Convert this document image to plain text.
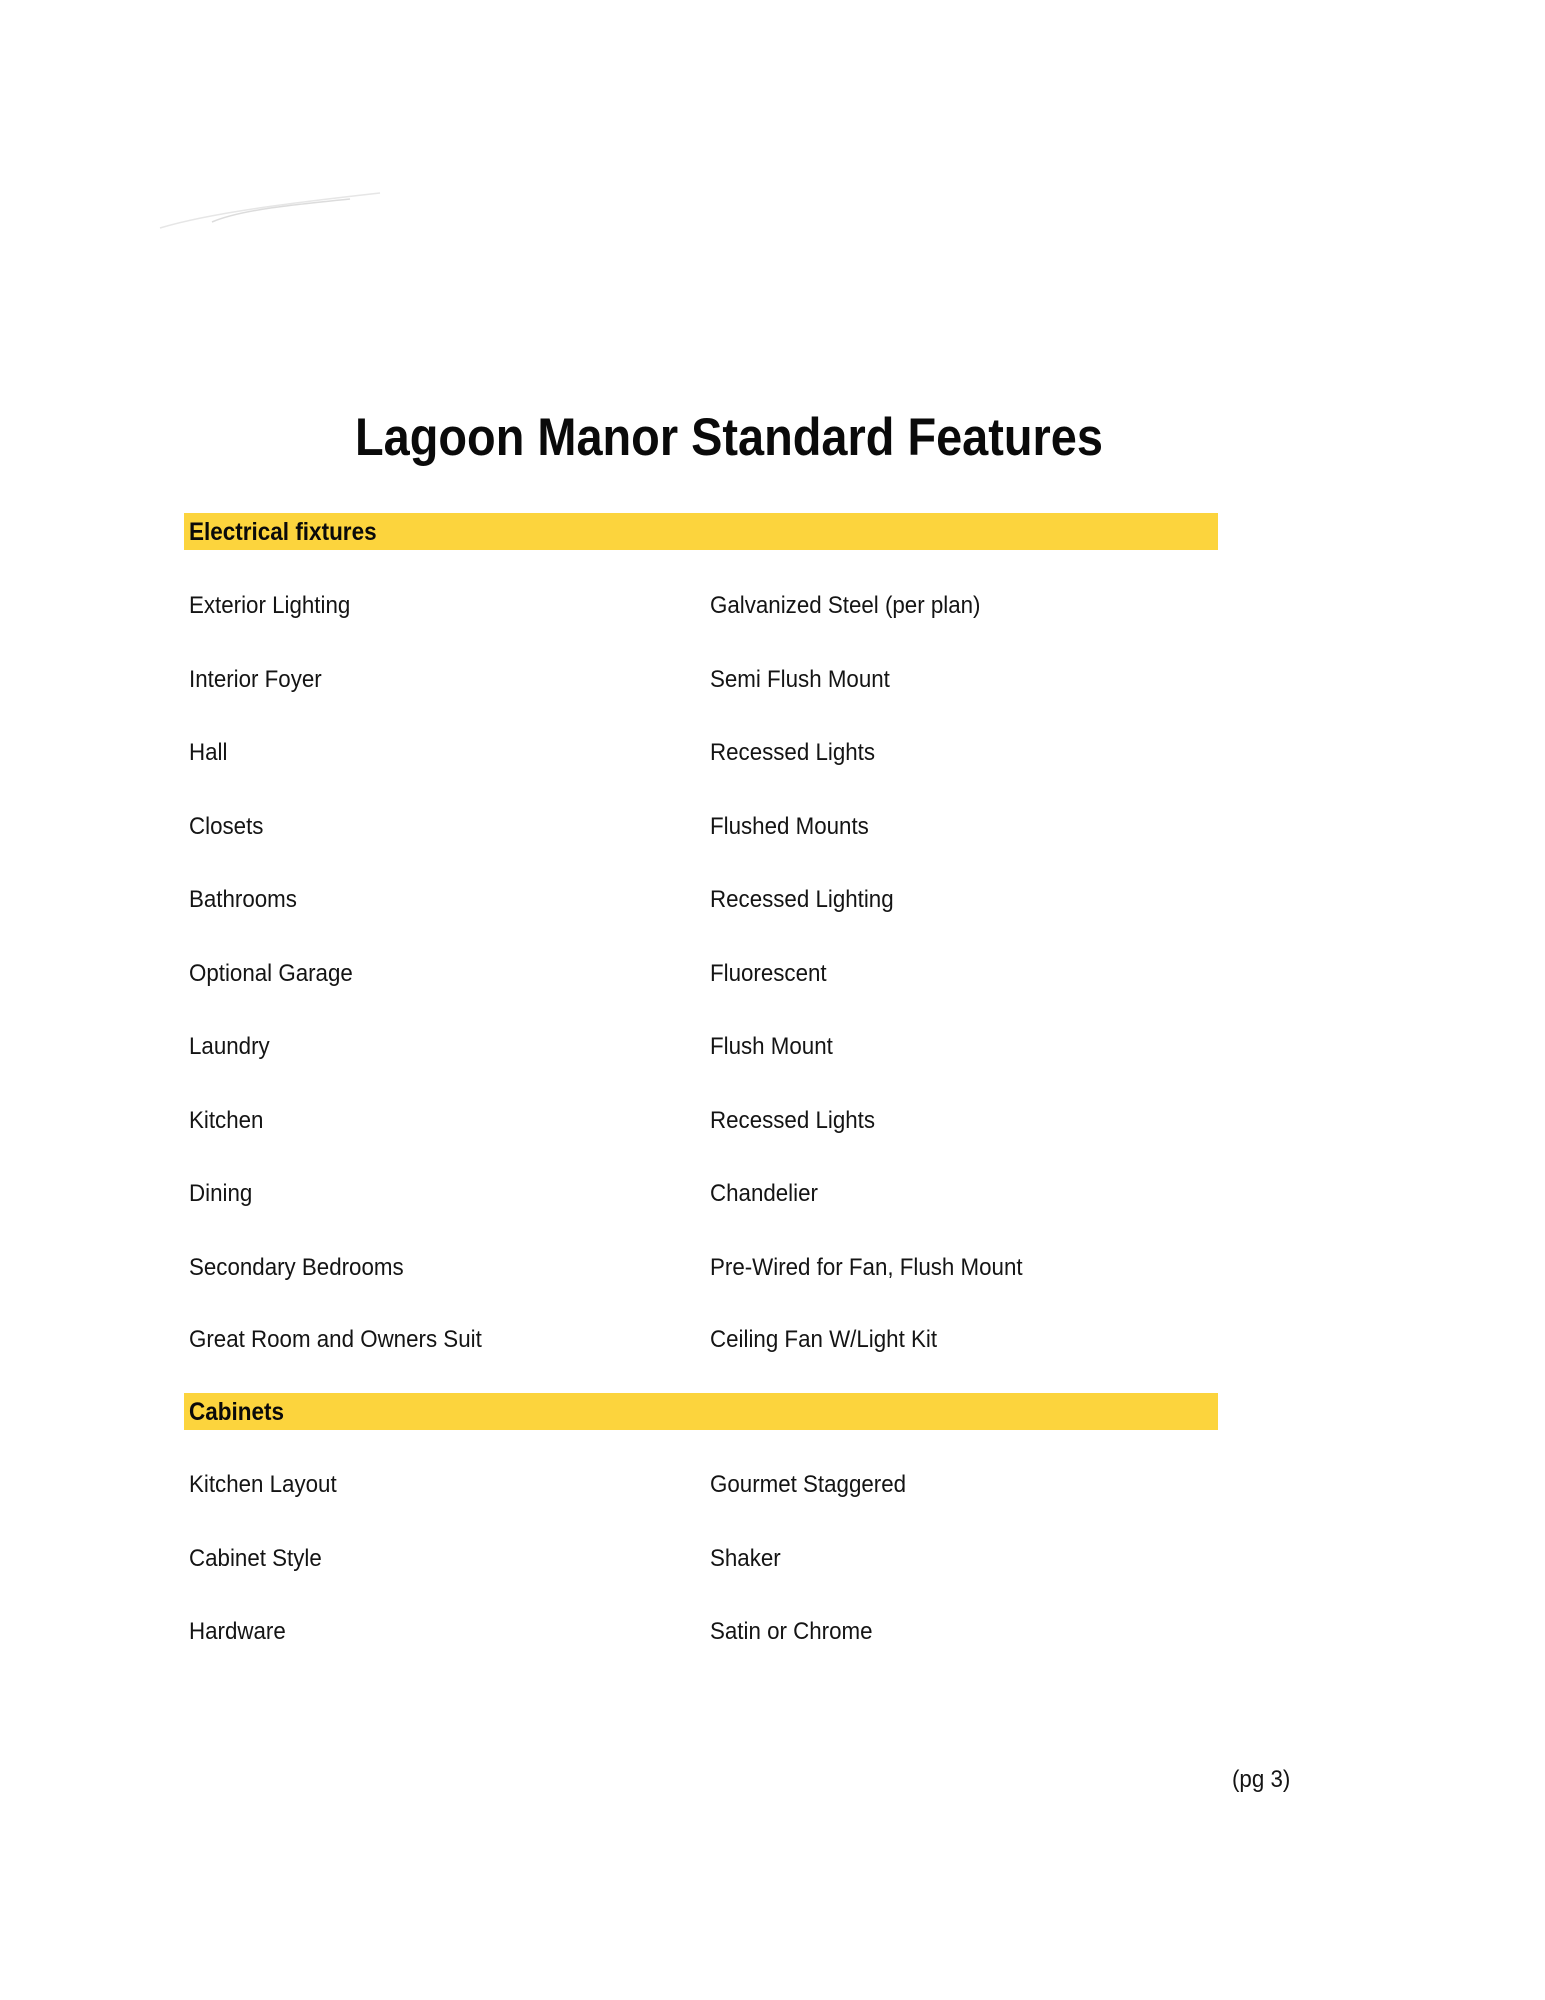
Lagoon Manor Standard Features
Electrical fixtures
Exterior Lighting	Galvanized Steel (per plan)
Interior Foyer	Semi Flush Mount
Hall	Recessed Lights
Closets	Flushed Mounts
Bathrooms	Recessed Lighting
Optional Garage	Fluorescent
Laundry	Flush Mount
Kitchen	Recessed Lights
Dining	Chandelier
Secondary Bedrooms	Pre-Wired for Fan, Flush Mount
Great Room and Owners Suit	Ceiling Fan W/Light Kit
Cabinets
Kitchen Layout	Gourmet Staggered
Cabinet Style	Shaker
Hardware	Satin or Chrome
(pg 3)
